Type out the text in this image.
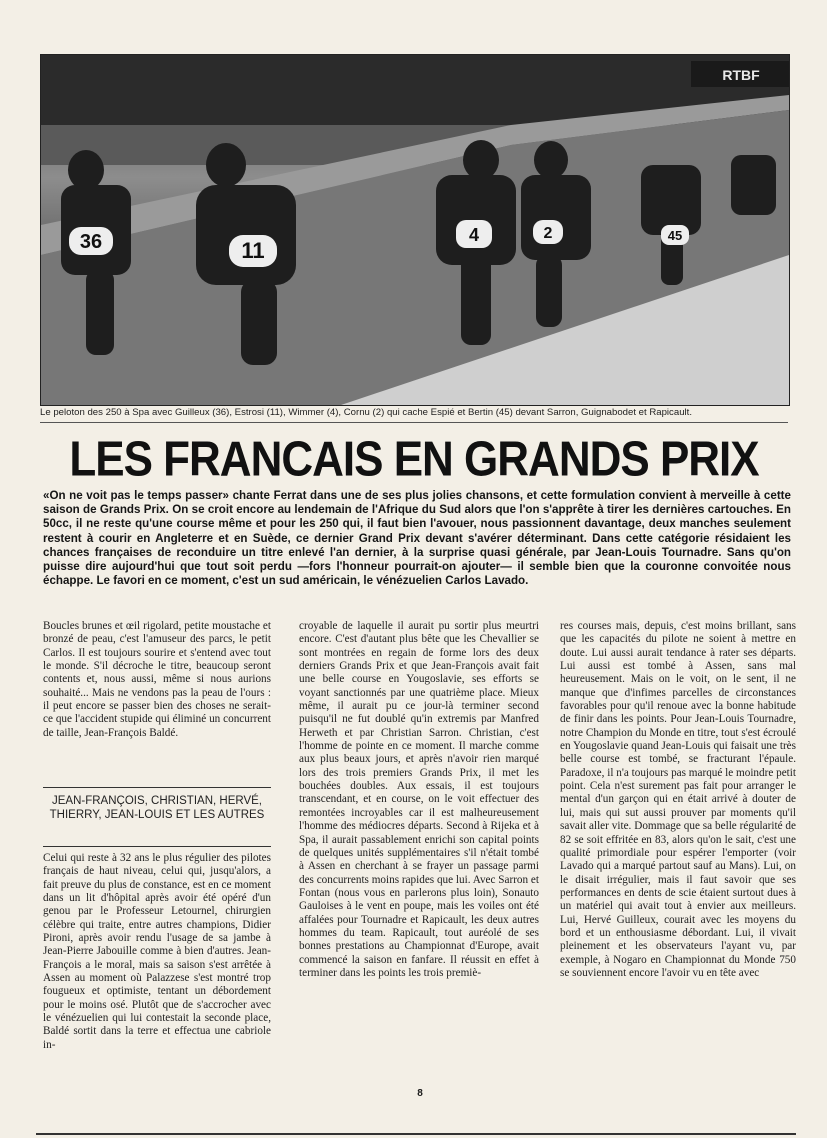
RTBF
36	11
4	2	45
Le peloton des 250 à Spa avec Guilleux (36), Estrosi (11), Wimmer (4), Cornu (2) qui cache Espié et Bertin (45) devant Sarron, Guignabodet et Rapicault.
LES FRANCAIS EN GRANDS PRIX
«On ne voit pas le temps passer» chante Ferrat dans une de ses plus jolies chansons, et cette formulation convient à merveille à cette saison de Grands Prix. On se croit encore au lendemain de l'Afrique du Sud alors que l'on s'apprête à tirer les dernières cartouches. En 50cc, il ne reste qu'une course même et pour les 250 qui, il faut bien l'avouer, nous passionnent davantage, deux manches seulement restent à courir en Angleterre et en Suède, ce dernier Grand Prix devant s'avérer déterminant. Dans cette catégorie résidaient les chances françaises de reconduire un titre enlevé l'an dernier, à la surprise quasi générale, par Jean-Louis Tournadre. Sans qu'on puisse dire aujourd'hui que tout soit perdu —fors l'honneur pourrait-on ajouter— il semble bien que la couronne convoitée nous échappe. Le favori en ce moment, c'est un sud américain, le vénézuelien Carlos Lavado.

Boucles brunes et œil rigolard, petite moustache et bronzé de peau, c'est l'amuseur des parcs, le petit Carlos. Il est toujours sourire et s'entend avec tout le monde. S'il décroche le titre, beaucoup seront contents et, nous aussi, même si nous aurions souhaité... Mais ne vendons pas la peau de l'ours : il peut encore se passer bien des choses ne serait-ce que l'accident stupide qui éliminé un concurrent de taille, Jean-François Baldé.

JEAN-FRANÇOIS, CHRISTIAN, HERVÉ, THIERRY, JEAN-LOUIS ET LES AUTRES

Celui qui reste à 32 ans le plus régulier des pilotes français de haut niveau, celui qui, jusqu'alors, a fait preuve du plus de constance, est en ce moment dans un lit d'hôpital après avoir été opéré d'un genou par le Professeur Letournel, chirurgien célèbre qui traite, entre autres champions, Didier Pironi, après avoir rendu l'usage de sa jambe à Jean-Pierre Jabouille comme à bien d'autres. Jean-François a le moral, mais sa saison s'est arrêtée à Assen au moment où Palazzese s'est montré trop fougueux et optimiste, tentant un débordement pour le moins osé. Plutôt que de s'accrocher avec le vénézuelien qui lui contestait la seconde place, Baldé sortit dans la terre et effectua une cabriole in-

croyable de laquelle il aurait pu sortir plus meurtri encore. C'est d'autant plus bête que les Chevallier se sont montrées en regain de forme lors des deux derniers Grands Prix et que Jean-François avait fait une belle course en Yougoslavie, ses efforts se voyant sanctionnés par une quatrième place. Mieux même, il aurait pu ce jour-là terminer second puisqu'il ne fut doublé qu'in extremis par Manfred Herweth et par Christian Sarron. Christian, c'est l'homme de pointe en ce moment. Il marche comme aux plus beaux jours, et après n'avoir rien marqué lors des trois premiers Grands Prix, il met les bouchées doubles. Aux essais, il est toujours transcendant, et en course, on le voit effectuer des remontées incroyables car il est malheureusement l'homme des médiocres départs. Second à Rijeka et à Spa, il aurait passablement enrichi son capital points de quelques unités supplémentaires s'il n'était tombé à Assen en cherchant à se frayer un passage parmi des concurrents moins rapides que lui. Avec Sarron et Fontan (nous vous en parlerons plus loin), Sonauto Gauloises à le vent en poupe, mais les voiles ont été affalées pour Tournadre et Rapicault, les deux autres hommes du team. Rapicault, tout auréolé de ses bonnes prestations au Championnat d'Europe, avait commencé la saison en fanfare. Il réussit en effet à terminer dans les points les trois premiè-

res courses mais, depuis, c'est moins brillant, sans que les capacités du pilote ne soient à mettre en doute. Lui aussi aurait tendance à rater ses départs. Lui aussi est tombé à Assen, sans mal heureusement. Mais on le voit, on le sent, il ne manque que d'infimes parcelles de circonstances favorables pour qu'il renoue avec la bonne habitude de finir dans les points. Pour Jean-Louis Tournadre, notre Champion du Monde en titre, tout s'est écroulé en Yougoslavie quand Jean-Louis qui faisait une très belle course est tombé, se fracturant l'épaule. Paradoxe, il n'a toujours pas marqué le moindre petit point. Cela n'est surement pas fait pour arranger le mental d'un garçon qui en était arrivé à douter de lui, mais qui sut aussi prouver par moments qu'il savait aller vite. Dommage que sa belle régularité de 82 se soit effritée en 83, alors qu'on le sait, c'est une qualité primordiale pour espérer l'emporter (voir Lavado qui a marqué partout sauf au Mans). Lui, on le disait irrégulier, mais il faut savoir que ses performances en dents de scie étaient surtout dues à un matériel qui avait tout à envier aux meilleurs. Lui, Hervé Guilleux, courait avec les moyens du bord et un enthousiasme débordant. Lui, il vivait pleinement et les observateurs l'ayant vu, par exemple, à Nogaro en Championnat du Monde 750 se souviennent encore l'avoir vu en tête avec

8
